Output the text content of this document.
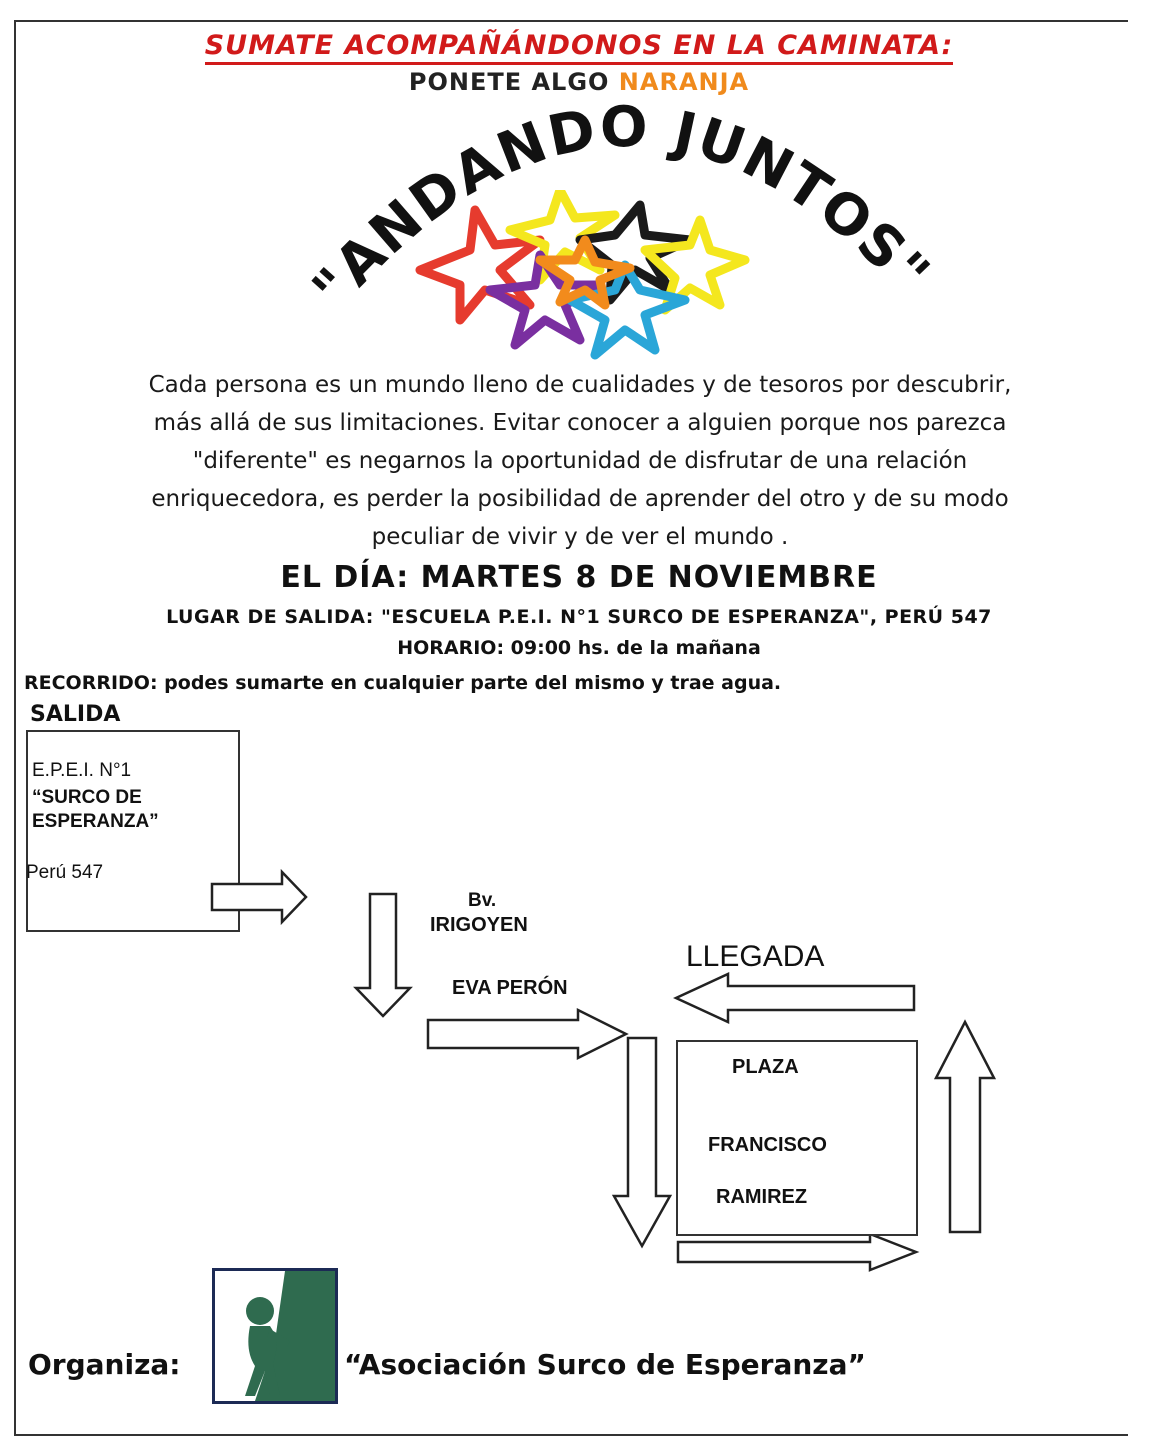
SUMATE ACOMPAÑÁNDONOS EN LA CAMINATA:
PONETE ALGO NARANJA
"ANDANDO JUNTOS"
Cada persona es un mundo lleno de cualidades y de tesoros por descubrir,
más allá de sus limitaciones. Evitar conocer a alguien porque nos parezca
"diferente" es negarnos la oportunidad de disfrutar de una relación
enriquecedora, es perder la posibilidad de aprender del otro y de su modo
peculiar de vivir y de ver el mundo .
EL DÍA: MARTES 8 DE NOVIEMBRE
LUGAR DE SALIDA: "ESCUELA P.E.I. N°1 SURCO DE ESPERANZA", PERÚ 547
HORARIO: 09:00 hs. de la mañana
RECORRIDO: podes sumarte en cualquier parte del mismo y trae agua.
SALIDA
E.P.E.I. N°1
“SURCO DE ESPERANZA”
Perú 547
Bv.
IRIGOYEN
EVA PERÓN
LLEGADA
PLAZA
FRANCISCO
RAMIREZ
Organiza:	“Asociación Surco de Esperanza”
